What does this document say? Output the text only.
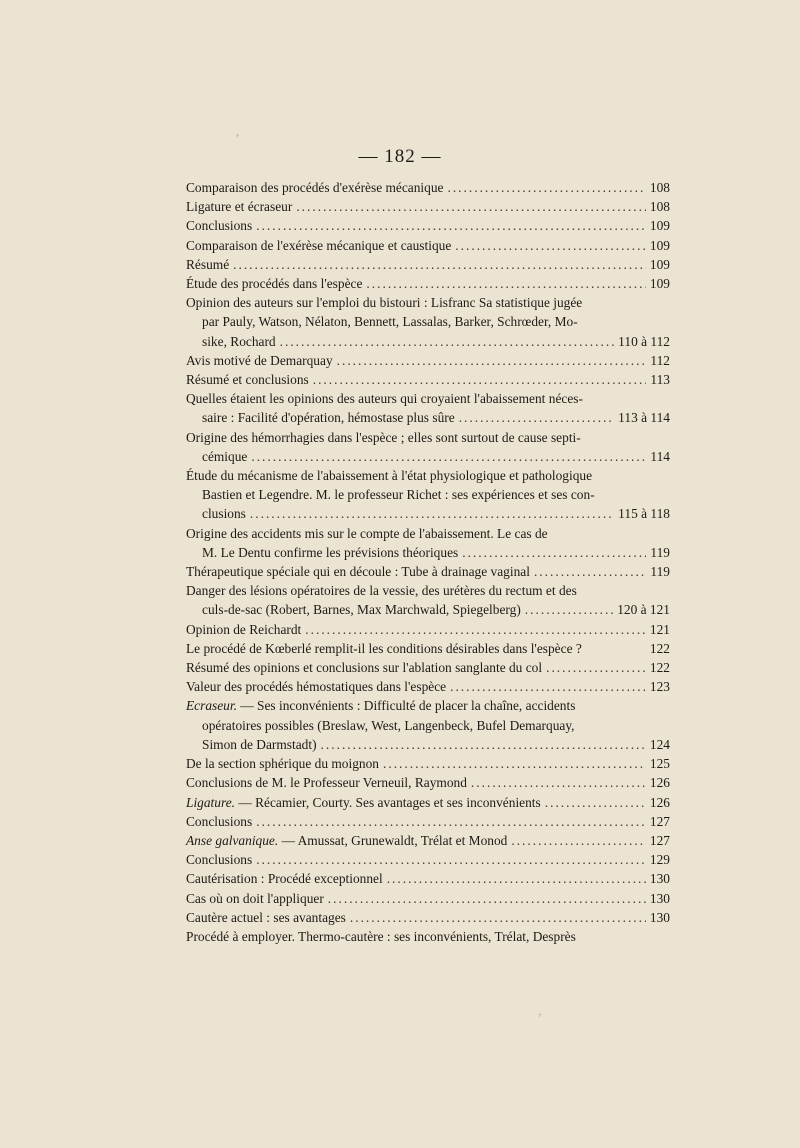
ʼ
,
— 182 —
Comparaison des procédés d'exérèse mécanique .....	108
Ligature et écraseur .....	108
Conclusions .....	109
Comparaison de l'exérèse mécanique et caustique .....	109
Résumé .....	109
Étude des procédés dans l'espèce .....	109
Opinion des auteurs sur l'emploi du bistouri : Lisfranc Sa statistique jugée
par Pauly, Watson, Nélaton, Bennett, Lassalas, Barker, Schrœder, Mo-
sike, Rochard .....	110 à 112
Avis motivé de Demarquay .....	112
Résumé et conclusions .....	113
Quelles étaient les opinions des auteurs qui croyaient l'abaissement néces-
saire : Facilité d'opération, hémostase plus sûre .....	113 à 114
Origine des hémorrhagies dans l'espèce ; elles sont surtout de cause septi-
cémique .....	114
Étude du mécanisme de l'abaissement à l'état physiologique et pathologique
Bastien et Legendre. M. le professeur Richet : ses expériences et ses con-
clusions .....	115 à 118
Origine des accidents mis sur le compte de l'abaissement. Le cas de
M. Le Dentu confirme les prévisions théoriques .....	119
Thérapeutique spéciale qui en découle : Tube à drainage vaginal .....	119
Danger des lésions opératoires de la vessie, des urétères du rectum et des
culs-de-sac (Robert, Barnes, Max Marchwald, Spiegelberg) .....	120 à 121
Opinion de Reichardt .....	121
Le procédé de Kœberlé remplit-il les conditions désirables dans l'espèce ?	122
Résumé des opinions et conclusions sur l'ablation sanglante du col .....	122
Valeur des procédés hémostatiques dans l'espèce .....	123
Ecraseur. — Ses inconvénients : Difficulté de placer la chaîne, accidents
opératoires possibles (Breslaw, West, Langenbeck, Bufel Demarquay,
Simon de Darmstadt) .....	124
De la section sphérique du moignon .....	125
Conclusions de M. le Professeur Verneuil, Raymond .....	126
Ligature. — Récamier, Courty. Ses avantages et ses inconvénients .....	126
Conclusions .....	127
Anse galvanique. — Amussat, Grunewaldt, Trélat et Monod .....	127
Conclusions .....	129
Cautérisation : Procédé exceptionnel .....	130
Cas où on doit l'appliquer .....	130
Cautère actuel : ses avantages .....	130
Procédé à employer. Thermo-cautère : ses inconvénients, Trélat, Desprès
